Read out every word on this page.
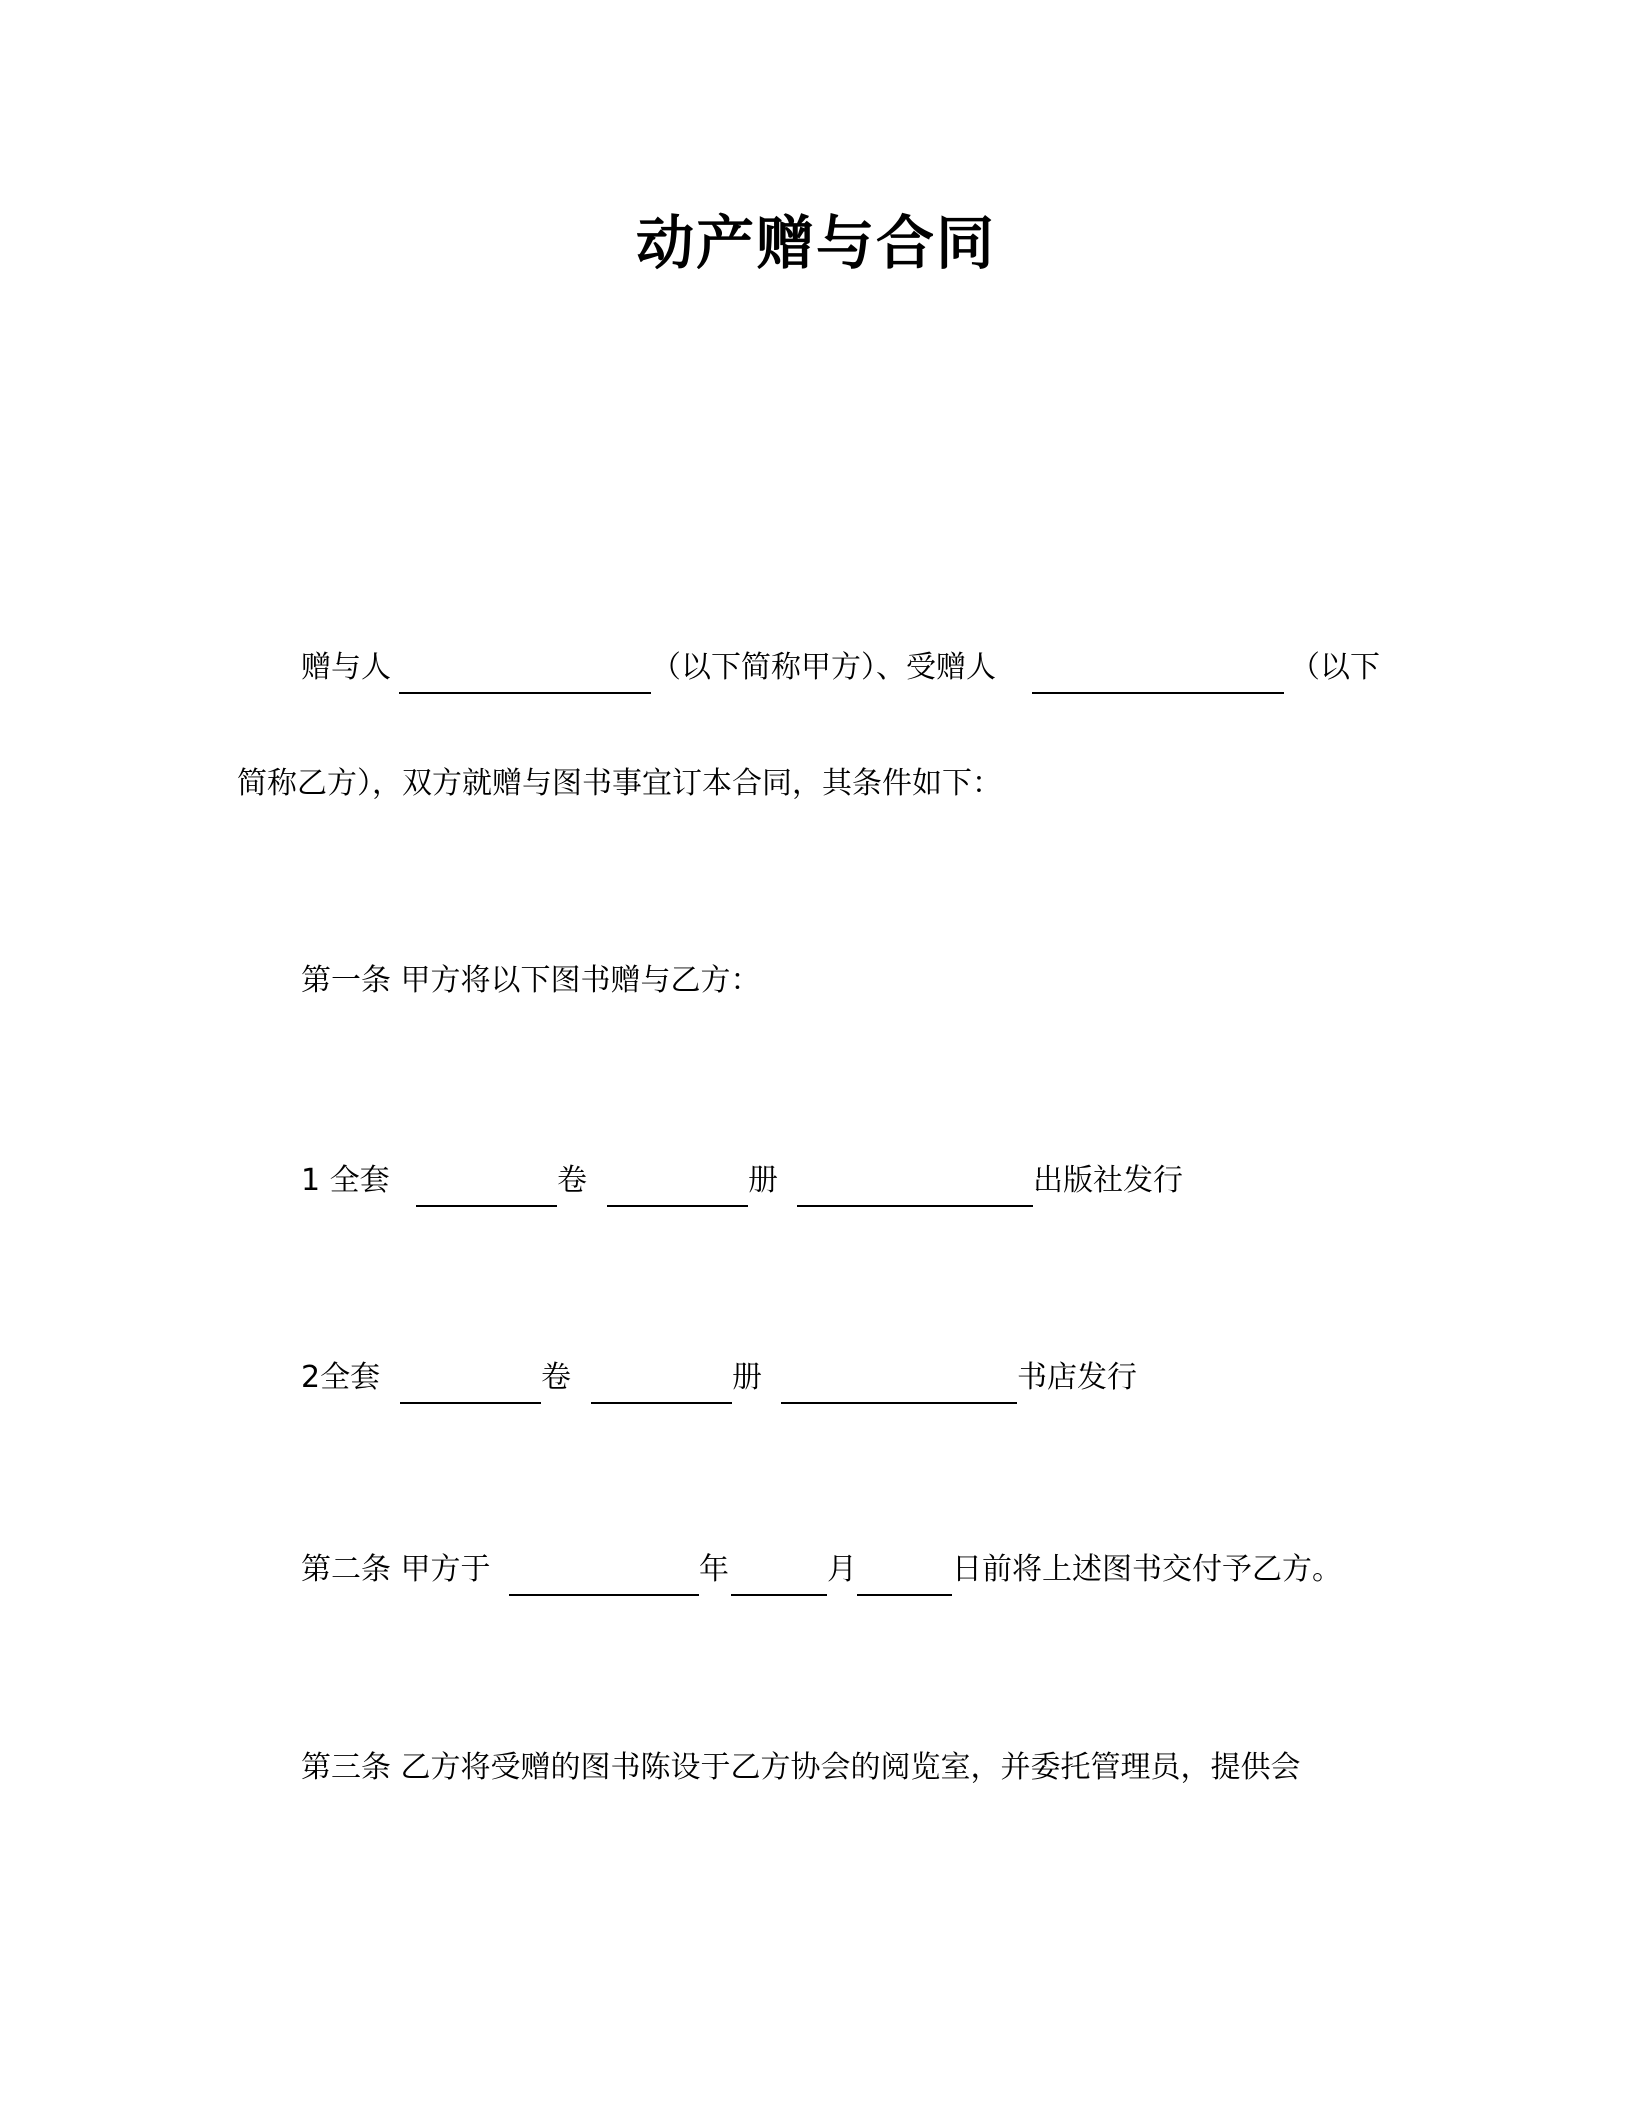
动产赠与合同
赠与人	（以下简称甲方）、受赠人	（以下
简称乙方），双方就赠与图书事宜订本合同，其条件如下：
第一条 甲方将以下图书赠与乙方：
1 全套	卷	册	出版社发行
2全套	卷	册	书店发行
第二条 甲方于	年	月	日前将上述图书交付予乙方。
第三条 乙方将受赠的图书陈设于乙方协会的阅览室，并委托管理员，提供会
